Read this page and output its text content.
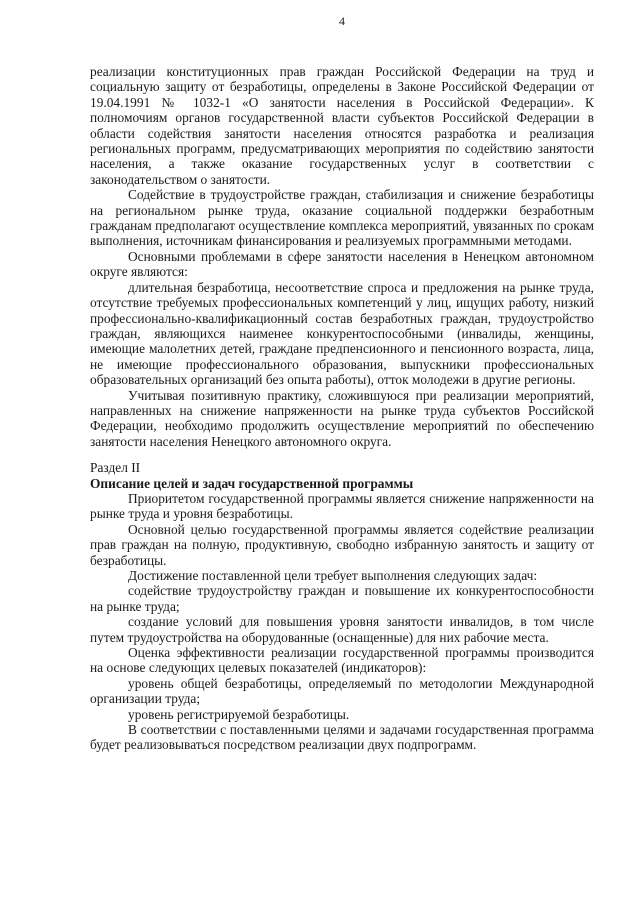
4

реализации конституционных прав граждан Российской Федерации на труд и социальную защиту от безработицы, определены в Законе Российской Федерации от 19.04.1991 № 1032-1 «О занятости населения в Российской Федерации». К полномочиям органов государственной власти субъектов Российской Федерации в области содействия занятости населения относятся разработка и реализация региональных программ, предусматривающих мероприятия по содействию занятости населения, а также оказание государственных услуг в соответствии с законодательством о занятости.

Содействие в трудоустройстве граждан, стабилизация и снижение безработицы на региональном рынке труда, оказание социальной поддержки безработным гражданам предполагают осуществление комплекса мероприятий, увязанных по срокам выполнения, источникам финансирования и реализуемых программными методами.

Основными проблемами в сфере занятости населения в Ненецком автономном округе являются:

длительная безработица, несоответствие спроса и предложения на рынке труда, отсутствие требуемых профессиональных компетенций у лиц, ищущих работу, низкий профессионально-квалификационный состав безработных граждан, трудоустройство граждан, являющихся наименее конкурентоспособными (инвалиды, женщины, имеющие малолетних детей, граждане предпенсионного и пенсионного возраста, лица, не имеющие профессионального образования, выпускники профессиональных образовательных организаций без опыта работы), отток молодежи в другие регионы.

Учитывая позитивную практику, сложившуюся при реализации мероприятий, направленных на снижение напряженности на рынке труда субъектов Российской Федерации, необходимо продолжить осуществление мероприятий по обеспечению занятости населения Ненецкого автономного округа.

Раздел II

Описание целей и задач государственной программы

Приоритетом государственной программы является снижение напряженности на рынке труда и уровня безработицы.

Основной целью государственной программы является содействие реализации прав граждан на полную, продуктивную, свободно избранную занятость и защиту от безработицы.

Достижение поставленной цели требует выполнения следующих задач:

содействие трудоустройству граждан и повышение их конкурентоспособности на рынке труда;

создание условий для повышения уровня занятости инвалидов, в том числе путем трудоустройства на оборудованные (оснащенные) для них рабочие места.

Оценка эффективности реализации государственной программы производится на основе следующих целевых показателей (индикаторов):

уровень общей безработицы, определяемый по методологии Международной организации труда;

уровень регистрируемой безработицы.

В соответствии с поставленными целями и задачами государственная программа будет реализовываться посредством реализации двух подпрограмм.
